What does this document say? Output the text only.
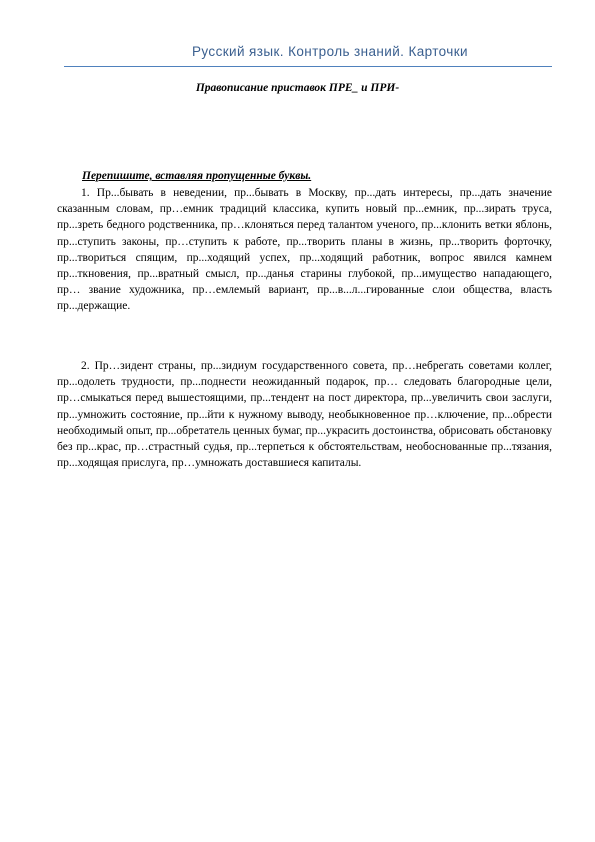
Русский язык. Контроль знаний. Карточки
Правописание приставок ПРЕ_ и ПРИ-
Перепишите, вставляя пропущенные буквы.

1. Пр...бывать в неведении, пр...бывать в Москву, пр...дать интересы, пр...дать значение сказанным словам, пр…емник традиций классика, купить новый пр...емник, пр...зирать труса, пр...зреть бедного родственника, пр…клоняться перед талантом ученого, пр...клонить ветки яблонь, пр...ступить законы, пр…ступить к работе, пр...творить планы в жизнь, пр...творить форточку, пр...твориться спящим, пр...ходящий успех, пр...ходящий работник, вопрос явился камнем пр...ткновения, пр...вратный смысл, пр...данья старины глубокой, пр...имущество нападающего, пр… звание художника, пр…емлемый вариант, пр...в...л...гированные слои общества, власть пр...держащие.

2. Пр…зидент страны, пр...зидиум государственного совета, пр…небрегать советами коллег, пр...одолеть трудности, пр...поднести неожиданный подарок, пр… следовать благородные цели, пр…смыкаться перед вышестоящими, пр...тендент на пост директора, пр...увеличить свои заслуги, пр...умножить состояние, пр...йти к нужному выводу, необыкновенное пр…ключение, пр...обрести необходимый опыт, пр...обретатель ценных бумаг, пр...украсить достоинства, обрисовать обстановку без пр...крас, пр…страстный судья, пр...терпеться к обстоятельствам, необоснованные пр...тязания, пр...ходящая прислуга, пр…умножать доставшиеся капиталы.
